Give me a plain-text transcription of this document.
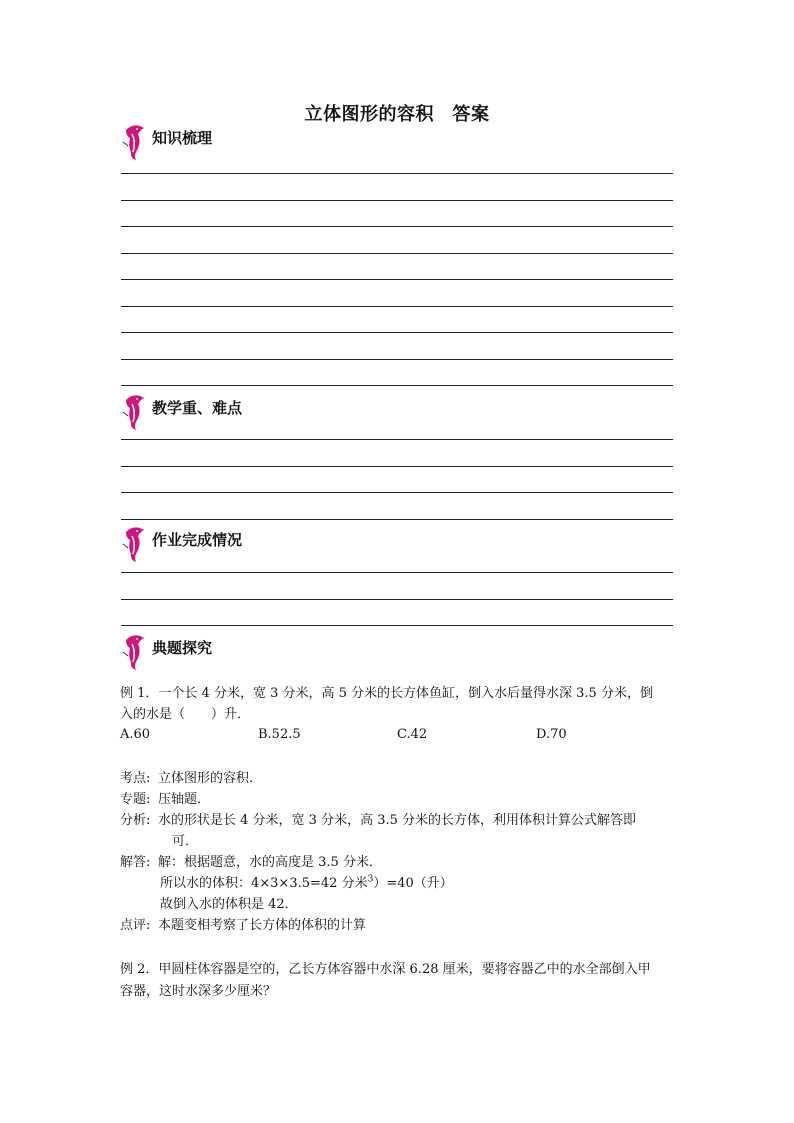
立体图形的容积　答案
知识梳理
教学重、难点
作业完成情况
典题探究
例 1．一个长 4 分米，宽 3 分米，高 5 分米的长方体鱼缸，倒入水后量得水深 3.5 分米，倒
入的水是（　　）升．
A.60	B.52.5	C.42	D.70
考点: 立体图形的容积．
专题: 压轴题．
分析: 水的形状是长 4 分米，宽 3 分米，高 3.5 分米的长方体，利用体积计算公式解答即
可．
解答: 解：根据题意，水的高度是 3.5 分米．
所以水的体积：4×3×3.5=42 分米$^3$）=40（升）
故倒入水的体积是 42．
点评: 本题变相考察了长方体的体积的计算
例 2．甲圆柱体容器是空的，乙长方体容器中水深 6.28 厘米，要将容器乙中的水全部倒入甲
容器，这时水深多少厘米？
